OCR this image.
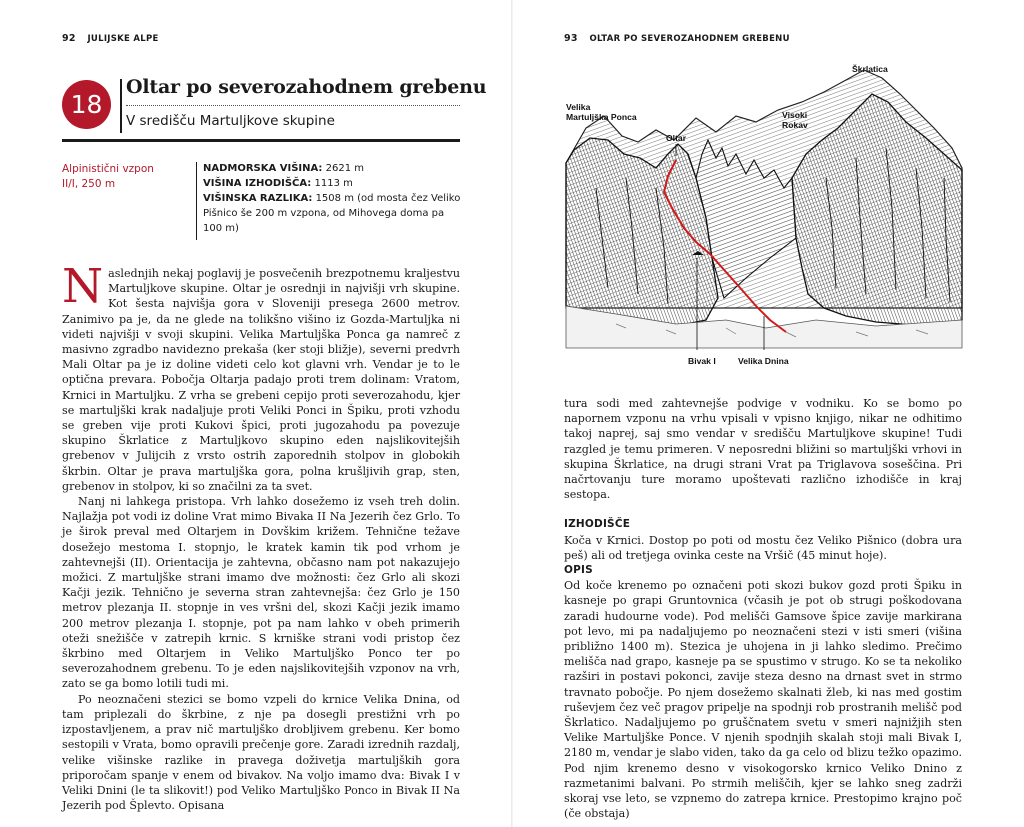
92 JULIJSKE ALPE
18
Oltar po severozahodnem grebenu
V središču Martuljkove skupine
Alpinistični vzpon
II/I, 250 m
NADMORSKA VIŠINA: 2621 m
VIŠINA IZHODIŠČA: 1113 m
VIŠINSKA RAZLIKA: 1508 m (od mosta čez Veliko Pišnico še 200 m vzpona, od Mihovega doma pa 100 m)

Naslednjih nekaj poglavij je posvečenih brezpotnemu kraljestvu Martuljkove skupine. Oltar je osrednji in najvišji vrh skupine. Kot šesta najvišja gora v Sloveniji presega 2600 metrov. Zanimivo pa je, da ne glede na tolikšno višino iz Gozda-Martuljka ni videti najvišji v svoji skupini. Velika Martuljška Ponca ga namreč z masivno zgradbo navidezno prekaša (ker stoji bližje), severni predvrh Mali Oltar pa je iz doline videti celo kot glavni vrh. Vendar je to le optična prevara. Pobočja Oltarja padajo proti trem dolinam: Vratom, Krnici in Martuljku. Z vrha se grebeni cepijo proti severozahodu, kjer se martuljški krak nadaljuje proti Veliki Ponci in Špiku, proti vzhodu se greben vije proti Kukovi špici, proti jugozahodu pa povezuje skupino Škrlatice z Martuljkovo skupino eden najslikovitejših grebenov v Julijcih z vrsto ostrih zaporednih stolpov in globokih škrbin. Oltar je prava martuljška gora, polna krušljivih grap, sten, grebenov in stolpov, ki so značilni za ta svet.

Nanj ni lahkega pristopa. Vrh lahko dosežemo iz vseh treh dolin. Najlažja pot vodi iz doline Vrat mimo Bivaka II Na Jezerih čez Grlo. To je širok preval med Oltarjem in Dovškim križem. Tehnične težave dosežejo mestoma I. stopnjo, le kratek kamin tik pod vrhom je zahtevnejši (II). Orientacija je zahtevna, občasno nam pot nakazujejo možici. Z martuljške strani imamo dve možnosti: čez Grlo ali skozi Kačji jezik. Tehnično je severna stran zahtevnejša: čez Grlo je 150 metrov plezanja II. stopnje in ves vršni del, skozi Kačji jezik imamo 200 metrov plezanja I. stopnje, pot pa nam lahko v obeh primerih oteži snežišče v zatrepih krnic. S krniške strani vodi pristop čez škrbino med Oltarjem in Veliko Martuljško Ponco ter po severozahodnem grebenu. To je eden najslikovitejših vzponov na vrh, zato se ga bomo lotili tudi mi.

Po neoznačeni stezici se bomo vzpeli do krnice Velika Dnina, od tam priplezali do škrbine, z nje pa dosegli prestižni vrh po izpostavljenem, a prav nič martuljško drobljivem grebenu. Ker bomo sestopili v Vrata, bomo opravili prečenje gore. Zaradi izrednih razdalj, velike višinske razlike in pravega doživetja martuljških gora priporočam spanje v enem od bivakov. Na voljo imamo dva: Bivak I v Veliki Dnini (le ta slikovit!) pod Veliko Martuljško Ponco in Bivak II Na Jezerih pod Šplevto. Opisana

93 OLTAR PO SEVEROZAHODNEM GREBENU
Škrlatica
Velika
Martuljška Ponca
Oltar
Visoki
Rokav
Bivak I	Velika Dnina

tura sodi med zahtevnejše podvige v vodniku. Ko se bomo po napornem vzponu na vrhu vpisali v vpisno knjigo, nikar ne odhitimo takoj naprej, saj smo vendar v središču Martuljkove skupine! Tudi razgled je temu primeren. V neposredni bližini so martuljški vrhovi in skupina Škrlatice, na drugi strani Vrat pa Triglavova soseščina. Pri načrtovanju ture moramo upoštevati različno izhodišče in kraj sestopa.

IZHODIŠČE

Koča v Krnici. Dostop po poti od mostu čez Veliko Pišnico (dobra ura peš) ali od tretjega ovinka ceste na Vršič (45 minut hoje).

OPIS

Od koče krenemo po označeni poti skozi bukov gozd proti Špiku in kasneje po grapi Gruntovnica (včasih je pot ob strugi poškodovana zaradi hudourne vode). Pod melišči Gamsove špice zavije markirana pot levo, mi pa nadaljujemo po neoznačeni stezi v isti smeri (višina približno 1400 m). Stezica je uhojena in ji lahko sledimo. Prečimo melišča nad grapo, kasneje pa se spustimo v strugo. Ko se ta nekoliko razširi in postavi pokonci, zavije steza desno na drnast svet in strmo travnato pobočje. Po njem dosežemo skalnati žleb, ki nas med gostim ruševjem čez več pragov pripelje na spodnji rob prostranih melišč pod Škrlatico. Nadaljujemo po gruščnatem svetu v smeri najnižjih sten Velike Martuljške Ponce. V njenih spodnjih skalah stoji mali Bivak I, 2180 m, vendar je slabo viden, tako da ga celo od blizu težko opazimo. Pod njim krenemo desno v visokogorsko krnico Veliko Dnino z razmetanimi balvani. Po strmih meliščih, kjer se lahko sneg zadrži skoraj vse leto, se vzpnemo do zatrepa krnice. Prestopimo krajno poč (če obstaja)
